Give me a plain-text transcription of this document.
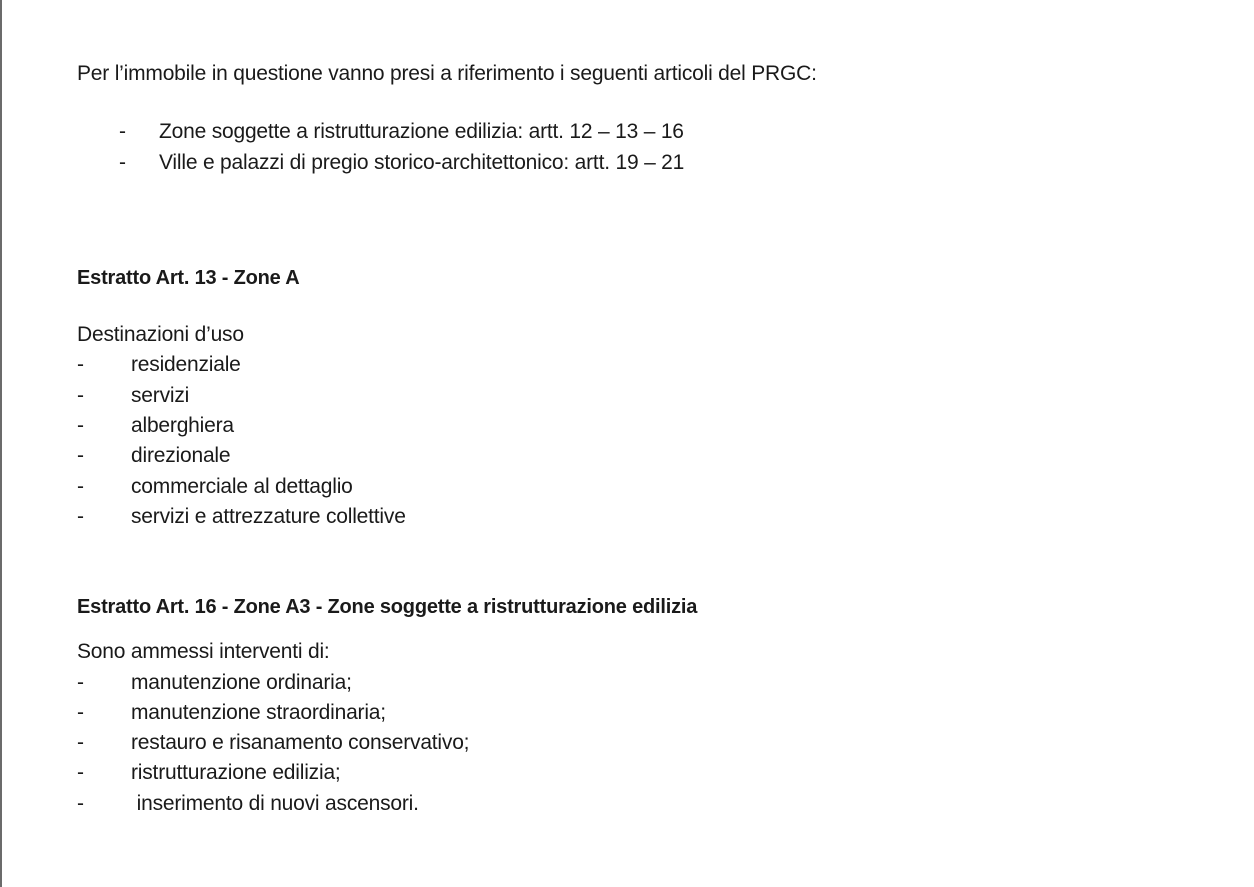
Per l’immobile in questione vanno presi a riferimento i seguenti articoli del PRGC:
- Zone soggette a ristrutturazione edilizia: artt. 12 – 13 – 16
- Ville e palazzi di pregio storico-architettonico: artt. 19 – 21
Estratto Art. 13 - Zone A
Destinazioni d’uso
- residenziale
- servizi
- alberghiera
- direzionale
- commerciale al dettaglio
- servizi e attrezzature collettive
Estratto Art. 16 - Zone A3 - Zone soggette a ristrutturazione edilizia
Sono ammessi interventi di:
- manutenzione ordinaria;
- manutenzione straordinaria;
- restauro e risanamento conservativo;
- ristrutturazione edilizia;
- inserimento di nuovi ascensori.
